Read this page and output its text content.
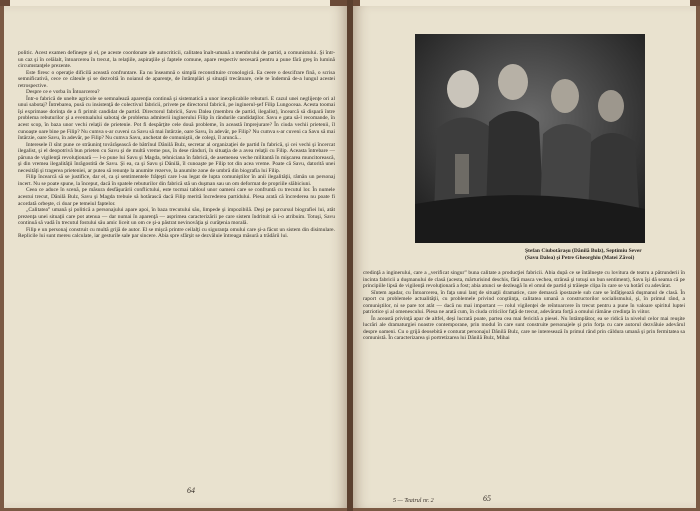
politic. Acest examen defineşte şi el, pe aceste coordonate ale autocriticii, calitatea înalt-umană a membrului de partid, a comunistului. Şi într-un caz şi în celălalt, întoarcerea în trecut, la relaţiile, aspiraţiile şi faptele comune, apare respectiv necesară pentru a pune fără greş în lumină circumstanţele prezente.

Este firesc o operaţie dificilă această confruntare. Ea nu înseamnă o simplă reconstituire cronologică. Ea ceere o descifrare fină, o scrisa semnificativă, cece ce câteule şi se dezvoltă în noianul de aparenţe, de întâmplări şi situaţii trecătoare, cele te îndemnă de-a lungul acestei retrospective.

Despre ce e vorba în Întoarcerea?

Într-o fabrică de unelte agricole se semnalează aparenţia continuă şi sistematică a unor inexplicabile rebuturi. E cazul unei neglijenţe ori al unui sabotaj? Întrebarea, pusă cu insistenţă de colectivul fabricii, privete pe directorul fabricii, pe inginerul-şef Filip Lungoceaa. Acesta toomai îşi exprimase dorinţa de a fi primit candidat de partid. Directorul fabricii, Savu Dalea (membru de partid, ilegalist), încearcă să dispară între problema rebuturilor şi a eventualului sabotaj de problema admiterii inginerului Filip în rândurile candidaţilor. Savu e gata să-l recomande, în acest scop, în baza unor vechi relaţii de prietenie. Pot fi despărţite cele două probleme, în această împrejurare? În ciuda vechii prietenii, îl cunoaşte oare bine pe Filip? Nu cumva s-ar cuveni ca Savu să mai întârzie, oare Savu, în adevăr, pe Filip? Nu cumva s-ar cuveni ca Savu să mai întârzie, oare Savu, în adevăr, pe Filip? Nu cumva Savu, anchetat de comuniştii, de colegi, îl aruncă...

Interesele îl sînt pune ce străuninţ tovărăşească de bătrînul Dănilă Bulz, secretar al organizaţiei de partid în fabrică, şi cei vechi şi încercat ilegalist, şi el deopotrivă bun prieten cu Savu şi de multă vreme pus, în dese rânduri, în situaţia de a avea relaţii cu Filip. Aceasta întrebare — păruna de vigilenţă revoluţionară — l-o pune lui Savu şi Magda, tehniciana în fabrică, de asemenea veche militantă în mişcarea muncitorească, şi din vremea ilegalităţii înrăgostită de Savu. Şi ea, ca şi Savu şi Dănilă, îl cunoaşte pe Filip tot din acea vreme. Poate că Savu, datorită unei necesităţi şi tragerea prieteniei, ar putea să renunţe la anumite rezerve, la anumite zone de umbră din biografia lui Filip.

Filip încearcă să se justifice, dar el, ca şi sentimentele frăţeşti care l-au legat de lupta comuniştilor în anii ilegalităţii, rămân un personaj incert. Nu se poate spune, la început, dacă în spatele rebuturilor din fabrică stă un duşman sau un om deformat de propriile slăbiciuni.

Ceea ce aduce în scenă, pe măsura desfăşurării conflictului, este tocmai tabloul unor oameni care se confruntă cu trecutul lor. În numele acestui trecut, Dănilă Bulz, Savu şi Magda trebuie să hotărască dacă Filip merită încrederea partidului. Piesa arată că încrederea nu poate fi acordată orbeşte, ci doar pe temeiul faptelor.

„Calitatea” umană şi politică a personajului apare apoi, în baza trecutului său, limpede şi impozibilă. Deşi pe parcursul biografiei lui, atât prezenţa unei situaţii care pot atenua — dar numai în aparenţă — asprimea caracterizării pe care sistem îndrituit să i-o atribuim. Totuşi, Savu continuă să vadă în trecutul fostului său amic liceit un om ce şi-a păstrat nevinovăţia şi curăţenia morală.

Filip e un personaj construit cu multă grijă de autor. El se mişcă printre ceilalţi cu siguranţa omului care şi-a făcut un sistem din disimulare. Replicile lui sunt mereu calculate, iar gesturile sale par sincere. Abia spre sfârşit se dezvăluie întreaga măsură a trădării lui.

64
Ştefan Ciubotăraşu (Dănilă Bulz), Septimiu Sever (Savu Dalea) şi Petre Gheorghiu (Matei Zăvoi)

credinţă a inginerului, care a „verificat singur” buna calitate a producţiei fabricii. Abia după ce se întâlneşte cu lovitura de teatru a pătrunderii în incinta fabricii a duşmanului de clasă (acesta, mărturisind deschis, fără masca vechea, strânsă şi totuşi un bun sentiment), Savu îşi dă seama că pe principiile lipsă de vigilenţă revoluţionară a fost; abia atunci se dezleagă în el omul de partid şi trăieşte clipa în care se va hotărî cu adevărat.

Sîntem aşadar, cu Întoarcerea, în faţa unui lanţ de situaţii dramatice, care demască ipostazele sub care se înfăţişează duşmanul de clasă. În raport cu problemele actualităţii, cu problemele privind conştiinţa, calitatea umană a constructorilor socialismului, şi, în primul rând, a comuniştilor, ni se pare tot atât — dacă nu mai important — rolul vigilenţei de reîntoarcere în trecut pentru a pune în valoare spiritul luptei patriotice şi al omenescului. Piesa ne arată cum, în ciuda criticilor faţă de trecut, adevărata forţă a omului rămâne credinţa în viitor.

În această privinţă apar de altfel, deşi lucrată poate, partea cea mai fericită a piesei. Nu întâmplător, ea se ridică la nivelul celor mai reuşite lucrări ale dramaturgiei noastre contemporane, prin modul în care sunt construite personajele şi prin forţa cu care autorul dezvăluie adevărul despre oameni. Cu o grijă deosebită e conturat personajul Dănilă Bulz, care ne interesează în primul rând prin căldura umană şi prin fermitatea sa comunistă. În caracterizarea şi portretizarea lui Dănilă Bulz, Mihai

5 — Teatrul nr. 2	65
